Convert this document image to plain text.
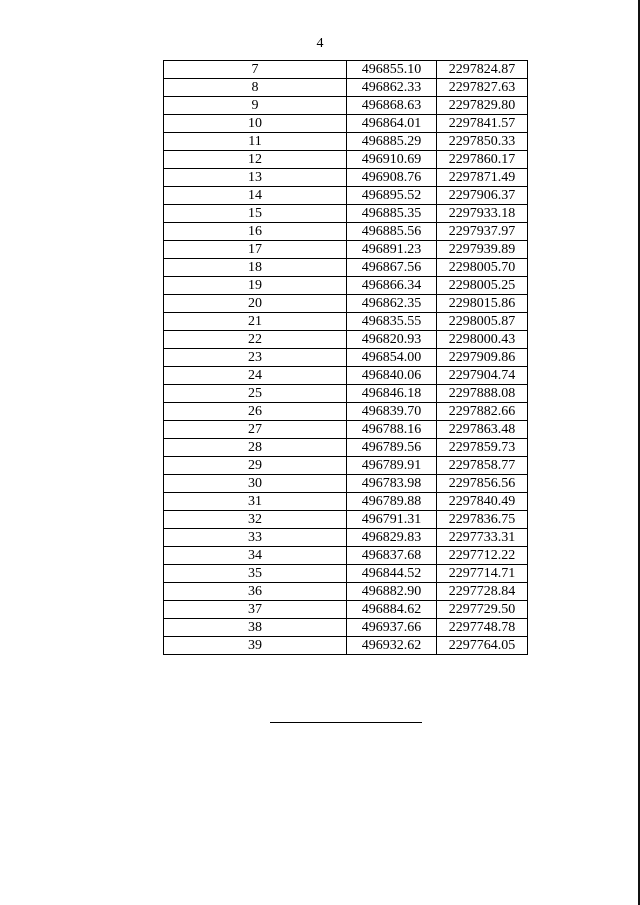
4
7	496855.10	2297824.87
8	496862.33	2297827.63
9	496868.63	2297829.80
10	496864.01	2297841.57
11	496885.29	2297850.33
12	496910.69	2297860.17
13	496908.76	2297871.49
14	496895.52	2297906.37
15	496885.35	2297933.18
16	496885.56	2297937.97
17	496891.23	2297939.89
18	496867.56	2298005.70
19	496866.34	2298005.25
20	496862.35	2298015.86
21	496835.55	2298005.87
22	496820.93	2298000.43
23	496854.00	2297909.86
24	496840.06	2297904.74
25	496846.18	2297888.08
26	496839.70	2297882.66
27	496788.16	2297863.48
28	496789.56	2297859.73
29	496789.91	2297858.77
30	496783.98	2297856.56
31	496789.88	2297840.49
32	496791.31	2297836.75
33	496829.83	2297733.31
34	496837.68	2297712.22
35	496844.52	2297714.71
36	496882.90	2297728.84
37	496884.62	2297729.50
38	496937.66	2297748.78
39	496932.62	2297764.05
